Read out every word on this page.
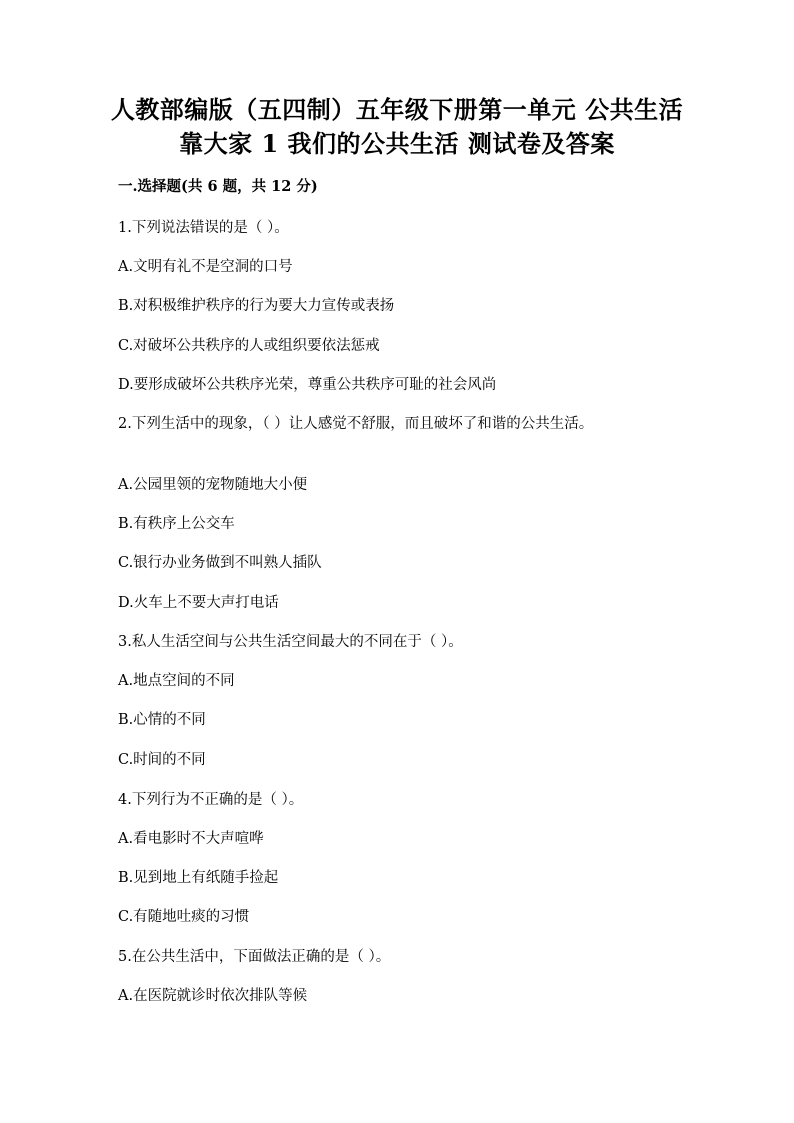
人教部编版（五四制）五年级下册第一单元 公共生活靠大家 1 我们的公共生活 测试卷及答案
一.选择题(共 6 题，共 12 分)
1.下列说法错误的是（ ）。
A.文明有礼不是空洞的口号
B.对积极维护秩序的行为要大力宣传或表扬
C.对破坏公共秩序的人或组织要依法惩戒
D.要形成破坏公共秩序光荣，尊重公共秩序可耻的社会风尚
2.下列生活中的现象，（ ）让人感觉不舒服，而且破坏了和谐的公共生活。
A.公园里领的宠物随地大小便
B.有秩序上公交车
C.银行办业务做到不叫熟人插队
D.火车上不要大声打电话
3.私人生活空间与公共生活空间最大的不同在于（ ）。
A.地点空间的不同
B.心情的不同
C.时间的不同
4.下列行为不正确的是（ ）。
A.看电影时不大声喧哗
B.见到地上有纸随手捡起
C.有随地吐痰的习惯
5.在公共生活中，下面做法正确的是（ ）。
A.在医院就诊时依次排队等候
